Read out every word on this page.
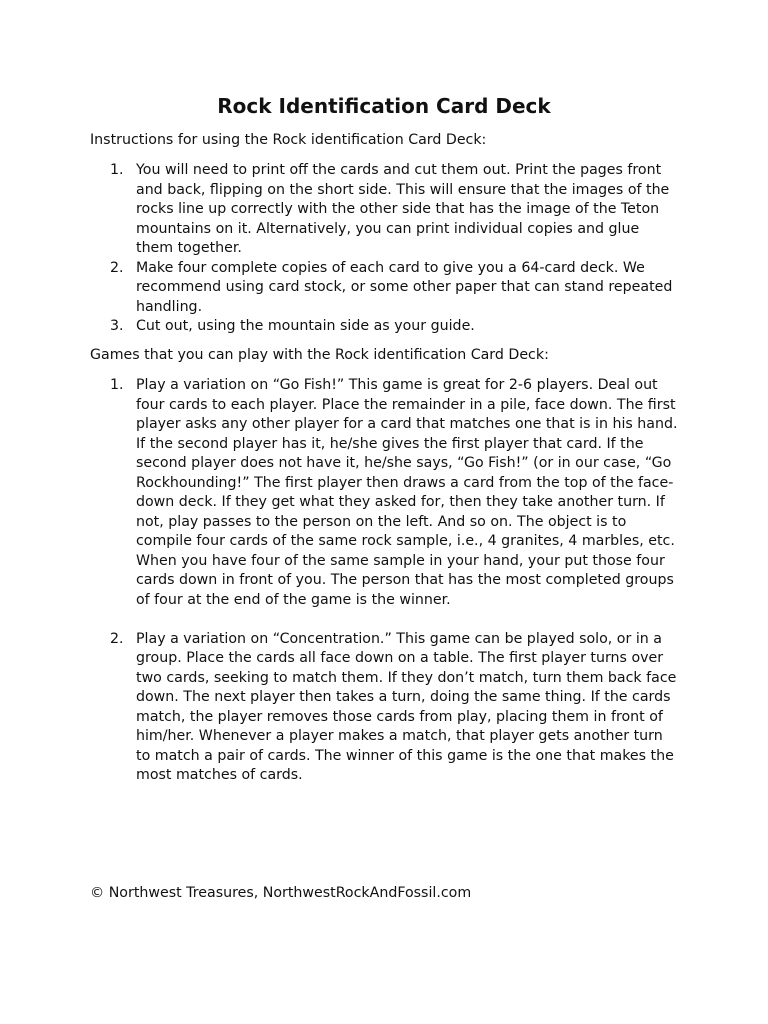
Rock Identification Card Deck

Instructions for using the Rock identification Card Deck:

1. You will need to print off the cards and cut them out. Print the pages front and back, flipping on the short side. This will ensure that the images of the rocks line up correctly with the other side that has the image of the Teton mountains on it. Alternatively, you can print individual copies and glue them together.
2. Make four complete copies of each card to give you a 64-card deck. We recommend using card stock, or some other paper that can stand repeated handling.
3. Cut out, using the mountain side as your guide.

Games that you can play with the Rock identification Card Deck:

1. Play a variation on “Go Fish!” This game is great for 2-6 players. Deal out four cards to each player. Place the remainder in a pile, face down. The first player asks any other player for a card that matches one that is in his hand. If the second player has it, he/she gives the first player that card. If the second player does not have it, he/she says, “Go Fish!” (or in our case, “Go Rockhounding!” The first player then draws a card from the top of the face-down deck. If they get what they asked for, then they take another turn. If not, play passes to the person on the left. And so on. The object is to compile four cards of the same rock sample, i.e., 4 granites, 4 marbles, etc. When you have four of the same sample in your hand, your put those four cards down in front of you. The person that has the most completed groups of four at the end of the game is the winner.
2. Play a variation on “Concentration.” This game can be played solo, or in a group. Place the cards all face down on a table. The first player turns over two cards, seeking to match them. If they don’t match, turn them back face down. The next player then takes a turn, doing the same thing. If the cards match, the player removes those cards from play, placing them in front of him/her. Whenever a player makes a match, that player gets another turn to match a pair of cards. The winner of this game is the one that makes the most matches of cards.

© Northwest Treasures, NorthwestRockAndFossil.com
